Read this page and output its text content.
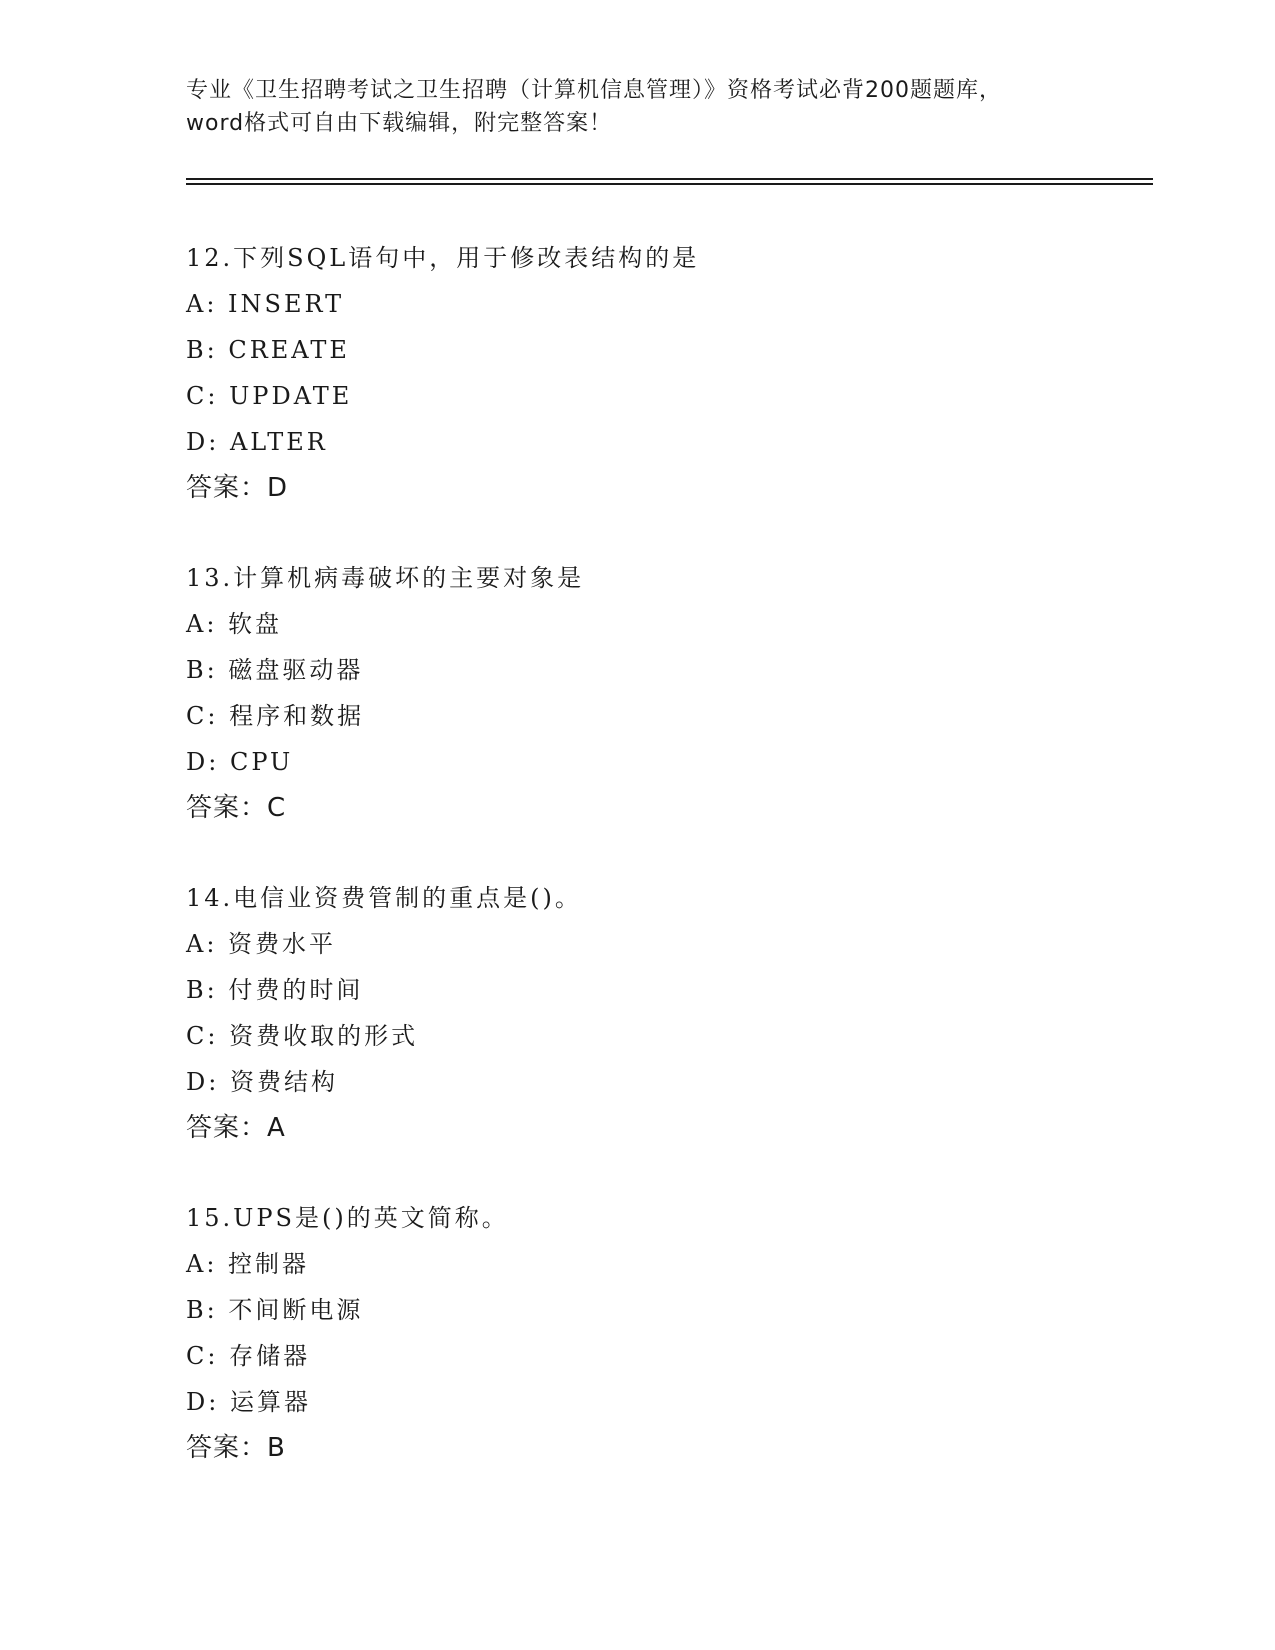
专业《卫生招聘考试之卫生招聘（计算机信息管理）》资格考试必背200题题库，
word格式可自由下载编辑，附完整答案！
12.下列SQL语句中，用于修改表结构的是
A: INSERT
B: CREATE
C: UPDATE
D: ALTER
答案：D
13.计算机病毒破坏的主要对象是
A: 软盘
B: 磁盘驱动器
C: 程序和数据
D: CPU
答案：C
14.电信业资费管制的重点是()。
A: 资费水平
B: 付费的时间
C: 资费收取的形式
D: 资费结构
答案：A
15.UPS是()的英文简称。
A: 控制器
B: 不间断电源
C: 存储器
D: 运算器
答案：B
